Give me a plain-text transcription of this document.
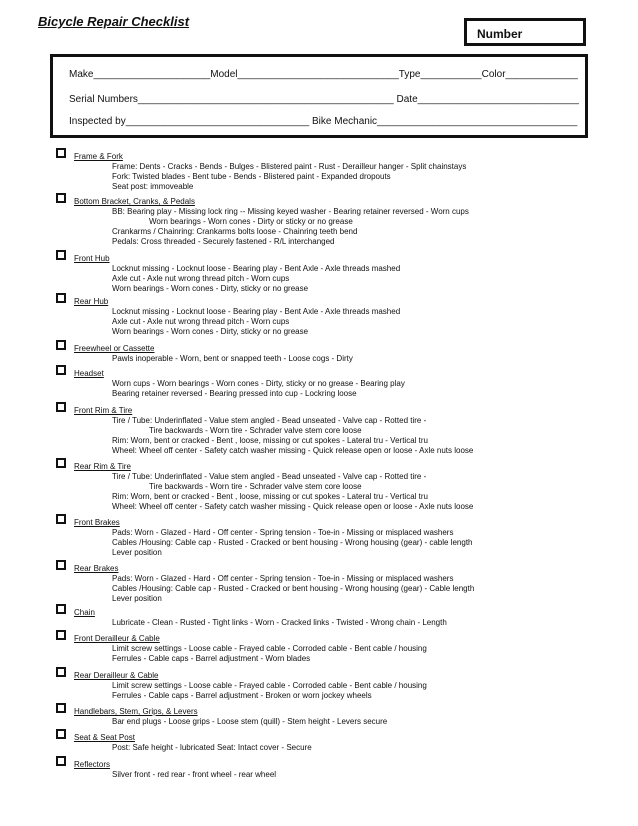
Bicycle Repair Checklist
Number
Make_____________________Model_____________________________Type___________Color_____________
Serial Numbers______________________________________________ Date_____________________________
Inspected by_________________________________ Bike Mechanic____________________________________
Frame & Fork
Frame: Dents - Cracks - Bends - Bulges - Blistered paint - Rust - Derailleur hanger - Split chainstays
Fork: Twisted blades - Bent tube - Bends - Blistered paint - Expanded dropouts
Seat post: immoveable
Bottom Bracket, Cranks, & Pedals
BB: Bearing play - Missing lock ring -- Missing keyed washer - Bearing retainer reversed - Worn cups
Worn bearings - Worn cones - Dirty or sticky or no grease
Crankarms / Chainring: Crankarms bolts loose - Chainring teeth bend
Pedals: Cross threaded - Securely fastened - R/L interchanged
Front Hub
Locknut missing - Locknut loose - Bearing play - Bent Axle - Axle threads mashed
Axle cut - Axle nut wrong thread pitch - Worn cups
Worn bearings - Worn cones - Dirty, sticky or no grease
Rear Hub
Locknut missing - Locknut loose - Bearing play - Bent Axle - Axle threads mashed
Axle cut - Axle nut wrong thread pitch - Worn cups
Worn bearings - Worn cones - Dirty, sticky or no grease
Freewheel or Cassette
Pawls inoperable - Worn, bent or snapped teeth - Loose cogs - Dirty
Headset
Worn cups - Worn bearings - Worn cones - Dirty, sticky or no grease - Bearing play
Bearing retainer reversed - Bearing pressed into cup - Lockring loose
Front Rim & Tire
Tire / Tube: Underinflated - Value stem angled - Bead unseated - Valve cap - Rotted tire -
Tire backwards - Worn tire - Schrader valve stem core loose
Rim: Worn, bent or cracked - Bent , loose, missing or cut spokes - Lateral tru - Vertical tru
Wheel: Wheel off center - Safety catch washer missing - Quick release open or loose - Axle nuts loose
Rear Rim & Tire
Tire / Tube: Underinflated - Value stem angled - Bead unseated - Valve cap - Rotted tire -
Tire backwards - Worn tire - Schrader valve stem core loose
Rim: Worn, bent or cracked - Bent , loose, missing or cut spokes - Lateral tru - Vertical tru
Wheel: Wheel off center - Safety catch washer missing - Quick release open or loose - Axle nuts loose
Front Brakes
Pads: Worn - Glazed - Hard - Off center - Spring tension - Toe-in - Missing or misplaced washers
Cables /Housing: Cable cap - Rusted - Cracked or bent housing - Wrong housing (gear) - cable length
Lever position
Rear Brakes
Pads: Worn - Glazed - Hard - Off center - Spring tension - Toe-in - Missing or misplaced washers
Cables /Housing: Cable cap - Rusted - Cracked or bent housing - Wrong housing (gear) - Cable length
Lever position
Chain
Lubricate - Clean - Rusted - Tight links - Worn - Cracked links - Twisted - Wrong chain - Length
Front Derailleur & Cable
Limit screw settings - Loose cable - Frayed cable - Corroded cable - Bent cable / housing
Ferrules - Cable caps - Barrel adjustment - Worn blades
Rear Derailleur & Cable
Limit screw settings - Loose cable - Frayed cable - Corroded cable - Bent cable / housing
Ferrules - Cable caps - Barrel adjustment - Broken or worn jockey wheels
Handlebars, Stem, Grips, & Levers
Bar end plugs - Loose grips - Loose stem (quill) - Stem height - Levers secure
Seat & Seat Post
Post: Safe height - lubricated Seat: Intact cover - Secure
Reflectors
Silver front - red rear - front wheel - rear wheel
